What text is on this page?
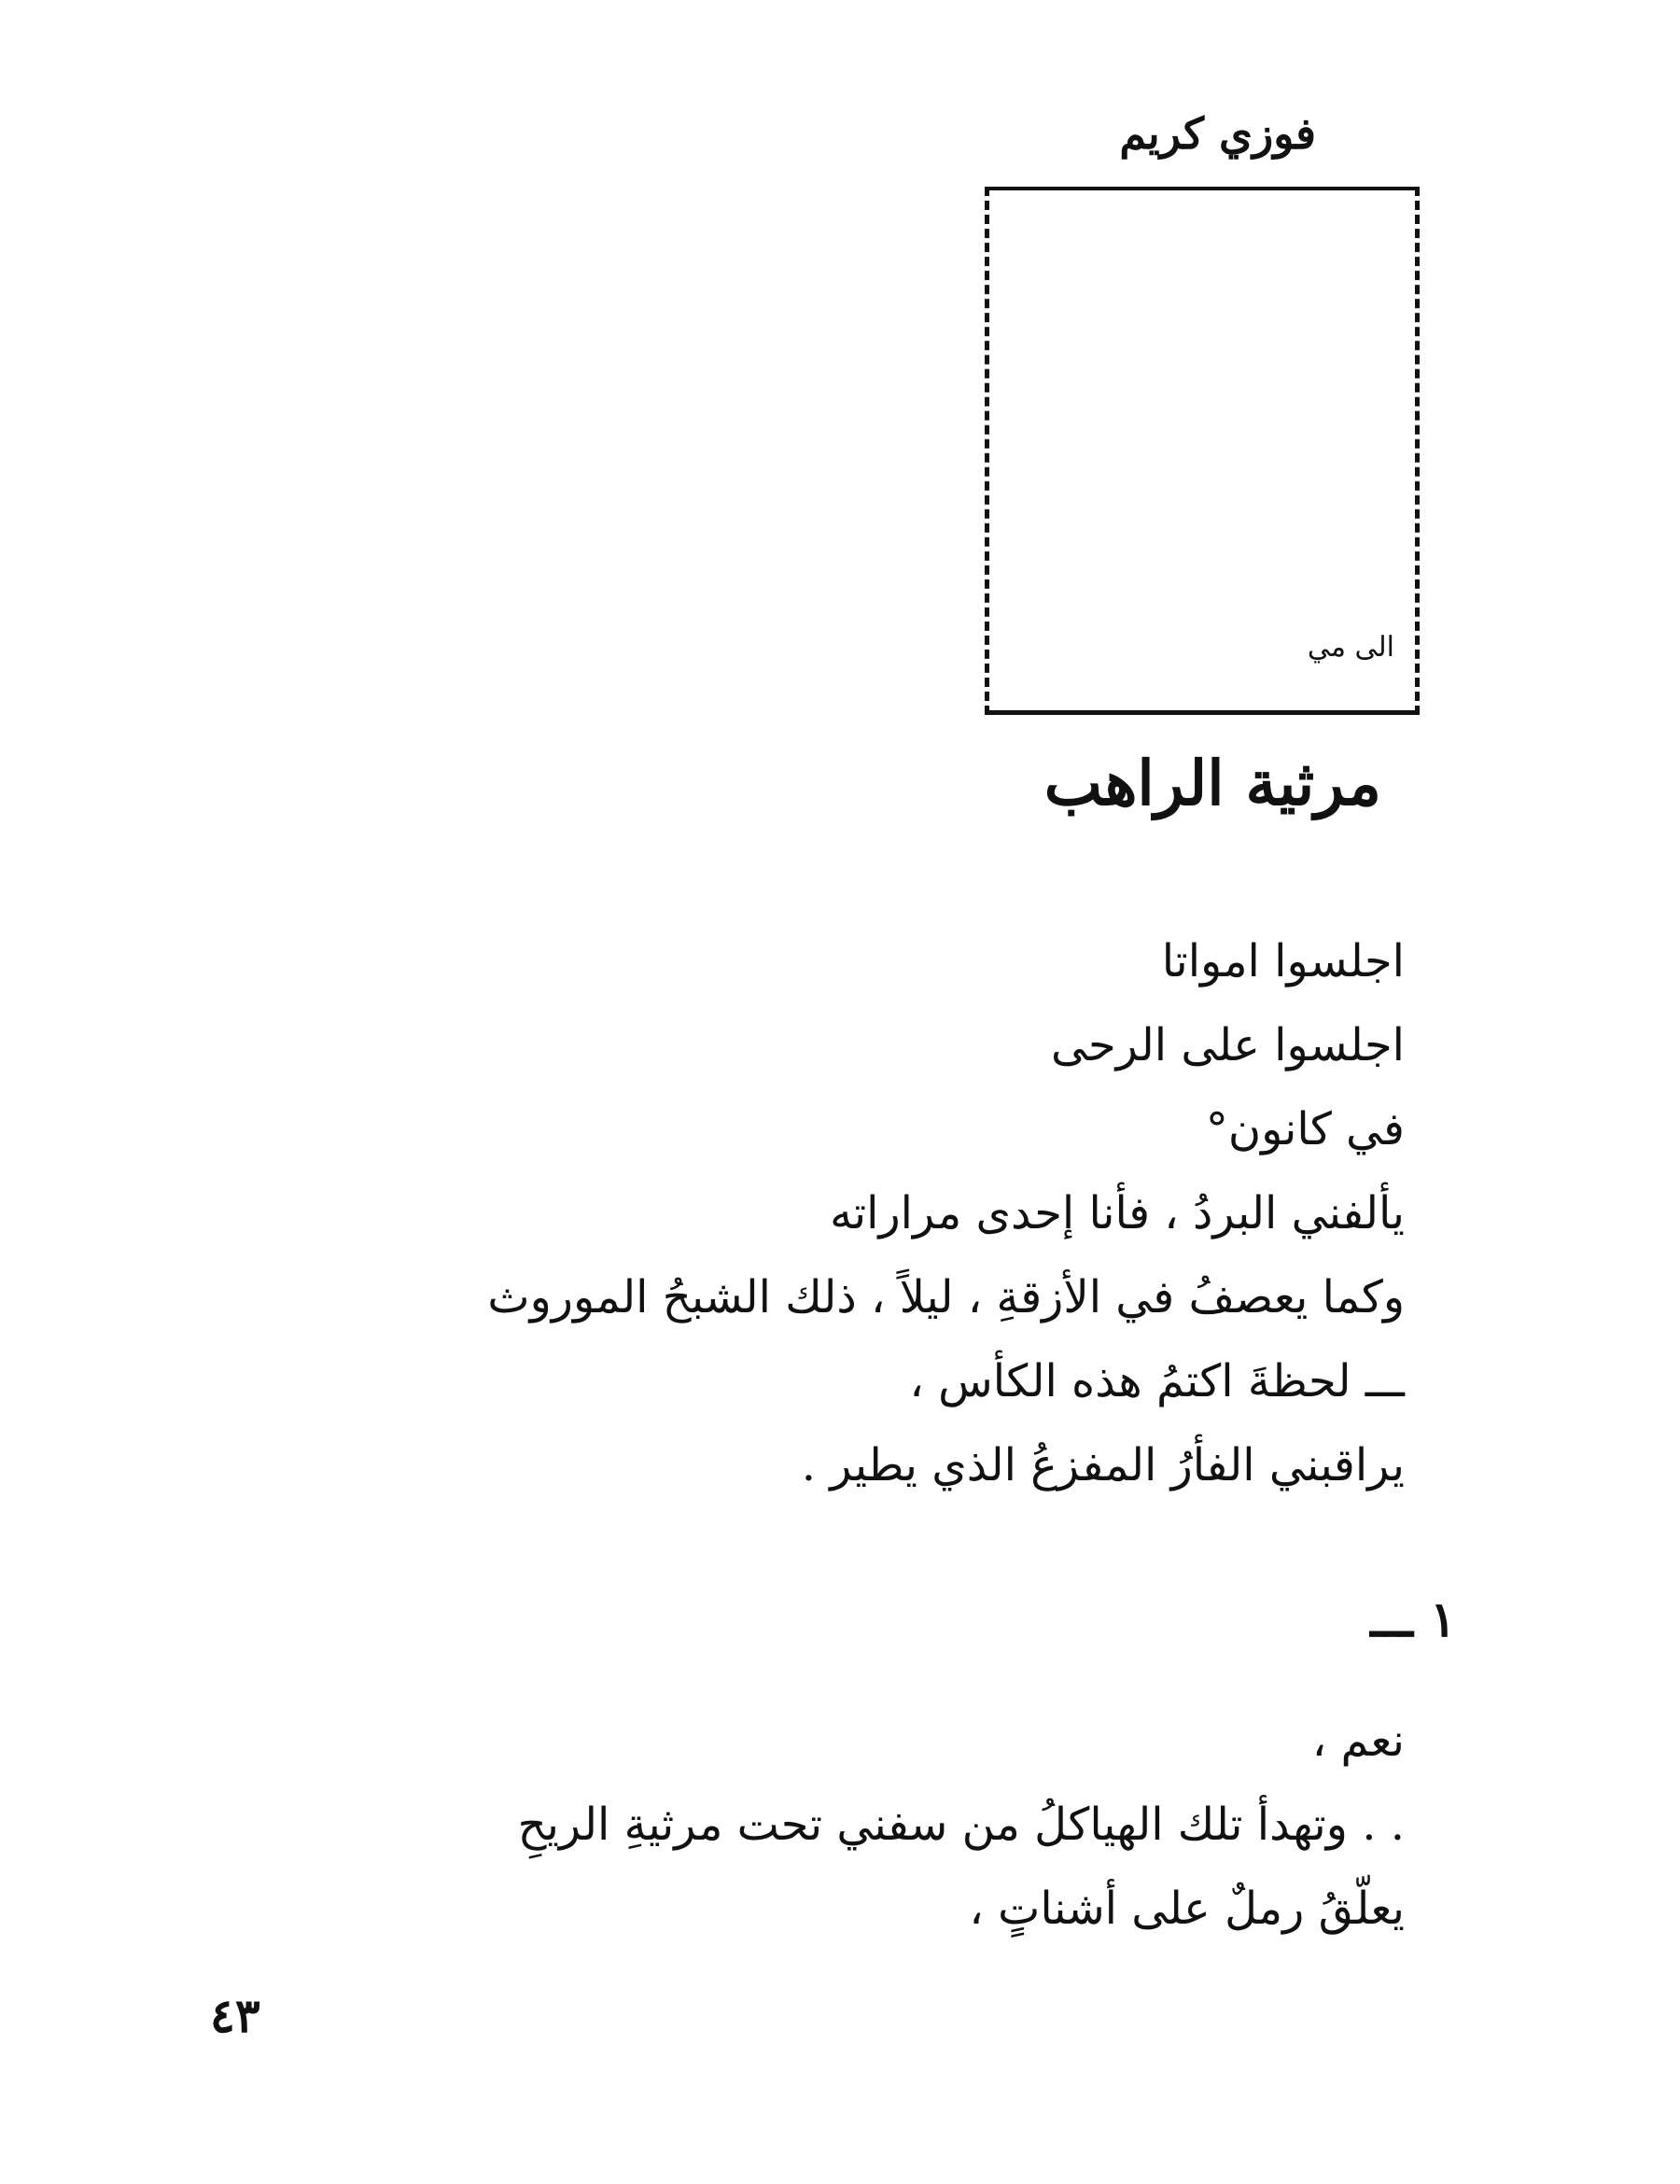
فوزي كريم
الى مي
مرثية الراهب
اجلسوا امواتا
اجلسوا على الرحى
في كانون°
يألفني البردُ ، فأنا إحدى مراراته
وكما يعصفُ في الأزقةِ ، ليلاً ، ذلك الشبحُ الموروث
ـــ لحظةَ اكتمُ هذه الكأس ،
يراقبني الفأرُ المفزعُ الذي يطير .
١ ـــ
نعم ،
. . وتهدأ تلك الهياكلُ من سفني تحت مرثيةِ الريحِ
يعلّقُ رملٌ على أشناتٍ ،
٤٣
